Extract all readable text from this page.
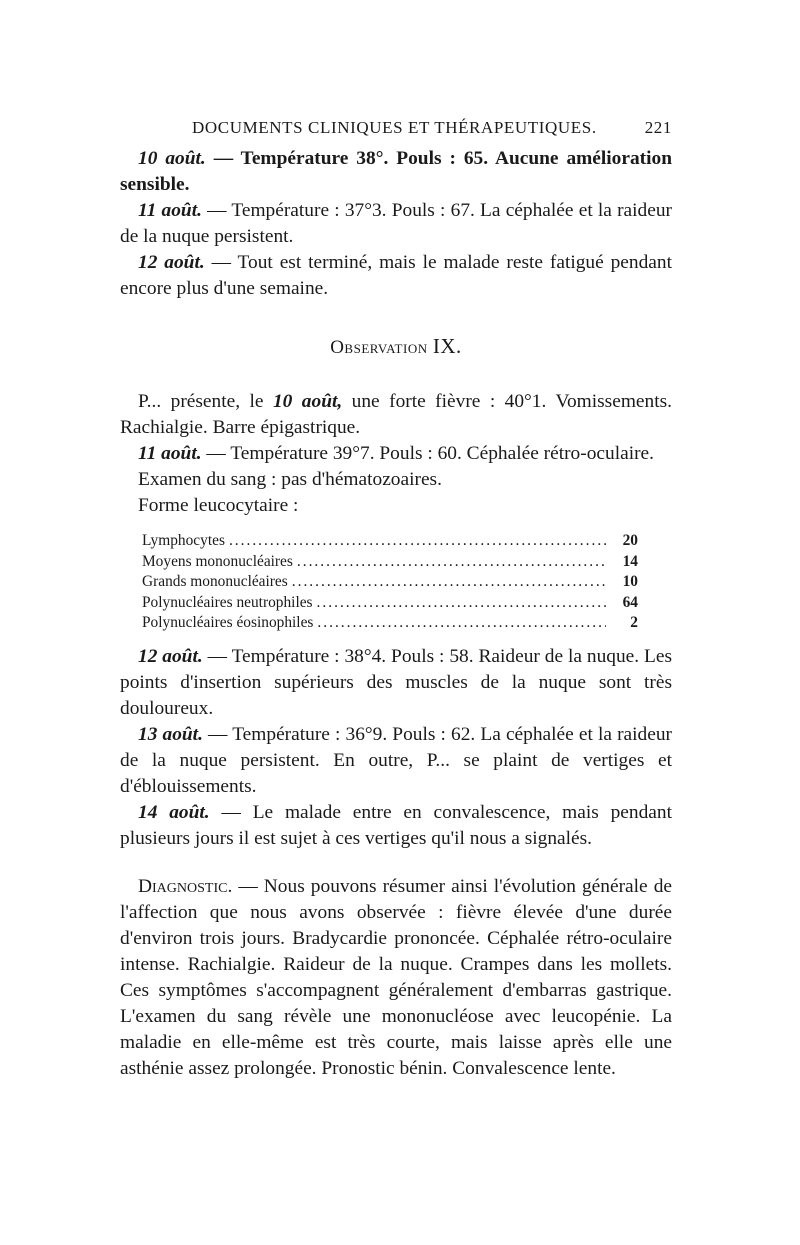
DOCUMENTS CLINIQUES ET THÉRAPEUTIQUES.	221

10 août. — Température 38°. Pouls : 65. Aucune amélioration sensible.

11 août. — Température : 37°3. Pouls : 67. La céphalée et la raideur de la nuque persistent.

12 août. — Tout est terminé, mais le malade reste fatigué pendant encore plus d'une semaine.

Observation IX.

P... présente, le 10 août, une forte fièvre : 40°1. Vomissements. Rachialgie. Barre épigastrique.

11 août. — Température 39°7. Pouls : 60. Céphalée rétro-oculaire.

Examen du sang : pas d'hématozoaires.

Forme leucocytaire :

Lymphocytes .....	20
Moyens mononucléaires .....	14
Grands mononucléaires .....	10
Polynucléaires neutrophiles .....	64
Polynucléaires éosinophiles .....	2

12 août. — Température : 38°4. Pouls : 58. Raideur de la nuque. Les points d'insertion supérieurs des muscles de la nuque sont très douloureux.

13 août. — Température : 36°9. Pouls : 62. La céphalée et la raideur de la nuque persistent. En outre, P... se plaint de vertiges et d'éblouissements.

14 août. — Le malade entre en convalescence, mais pendant plusieurs jours il est sujet à ces vertiges qu'il nous a signalés.

Diagnostic. — Nous pouvons résumer ainsi l'évolution générale de l'affection que nous avons observée : fièvre élevée d'une durée d'environ trois jours. Bradycardie prononcée. Céphalée rétro-oculaire intense. Rachialgie. Raideur de la nuque. Crampes dans les mollets. Ces symptômes s'accompagnent généralement d'embarras gastrique. L'examen du sang révèle une mononucléose avec leucopénie. La maladie en elle-même est très courte, mais laisse après elle une asthénie assez prolongée. Pronostic bénin. Convalescence lente.
